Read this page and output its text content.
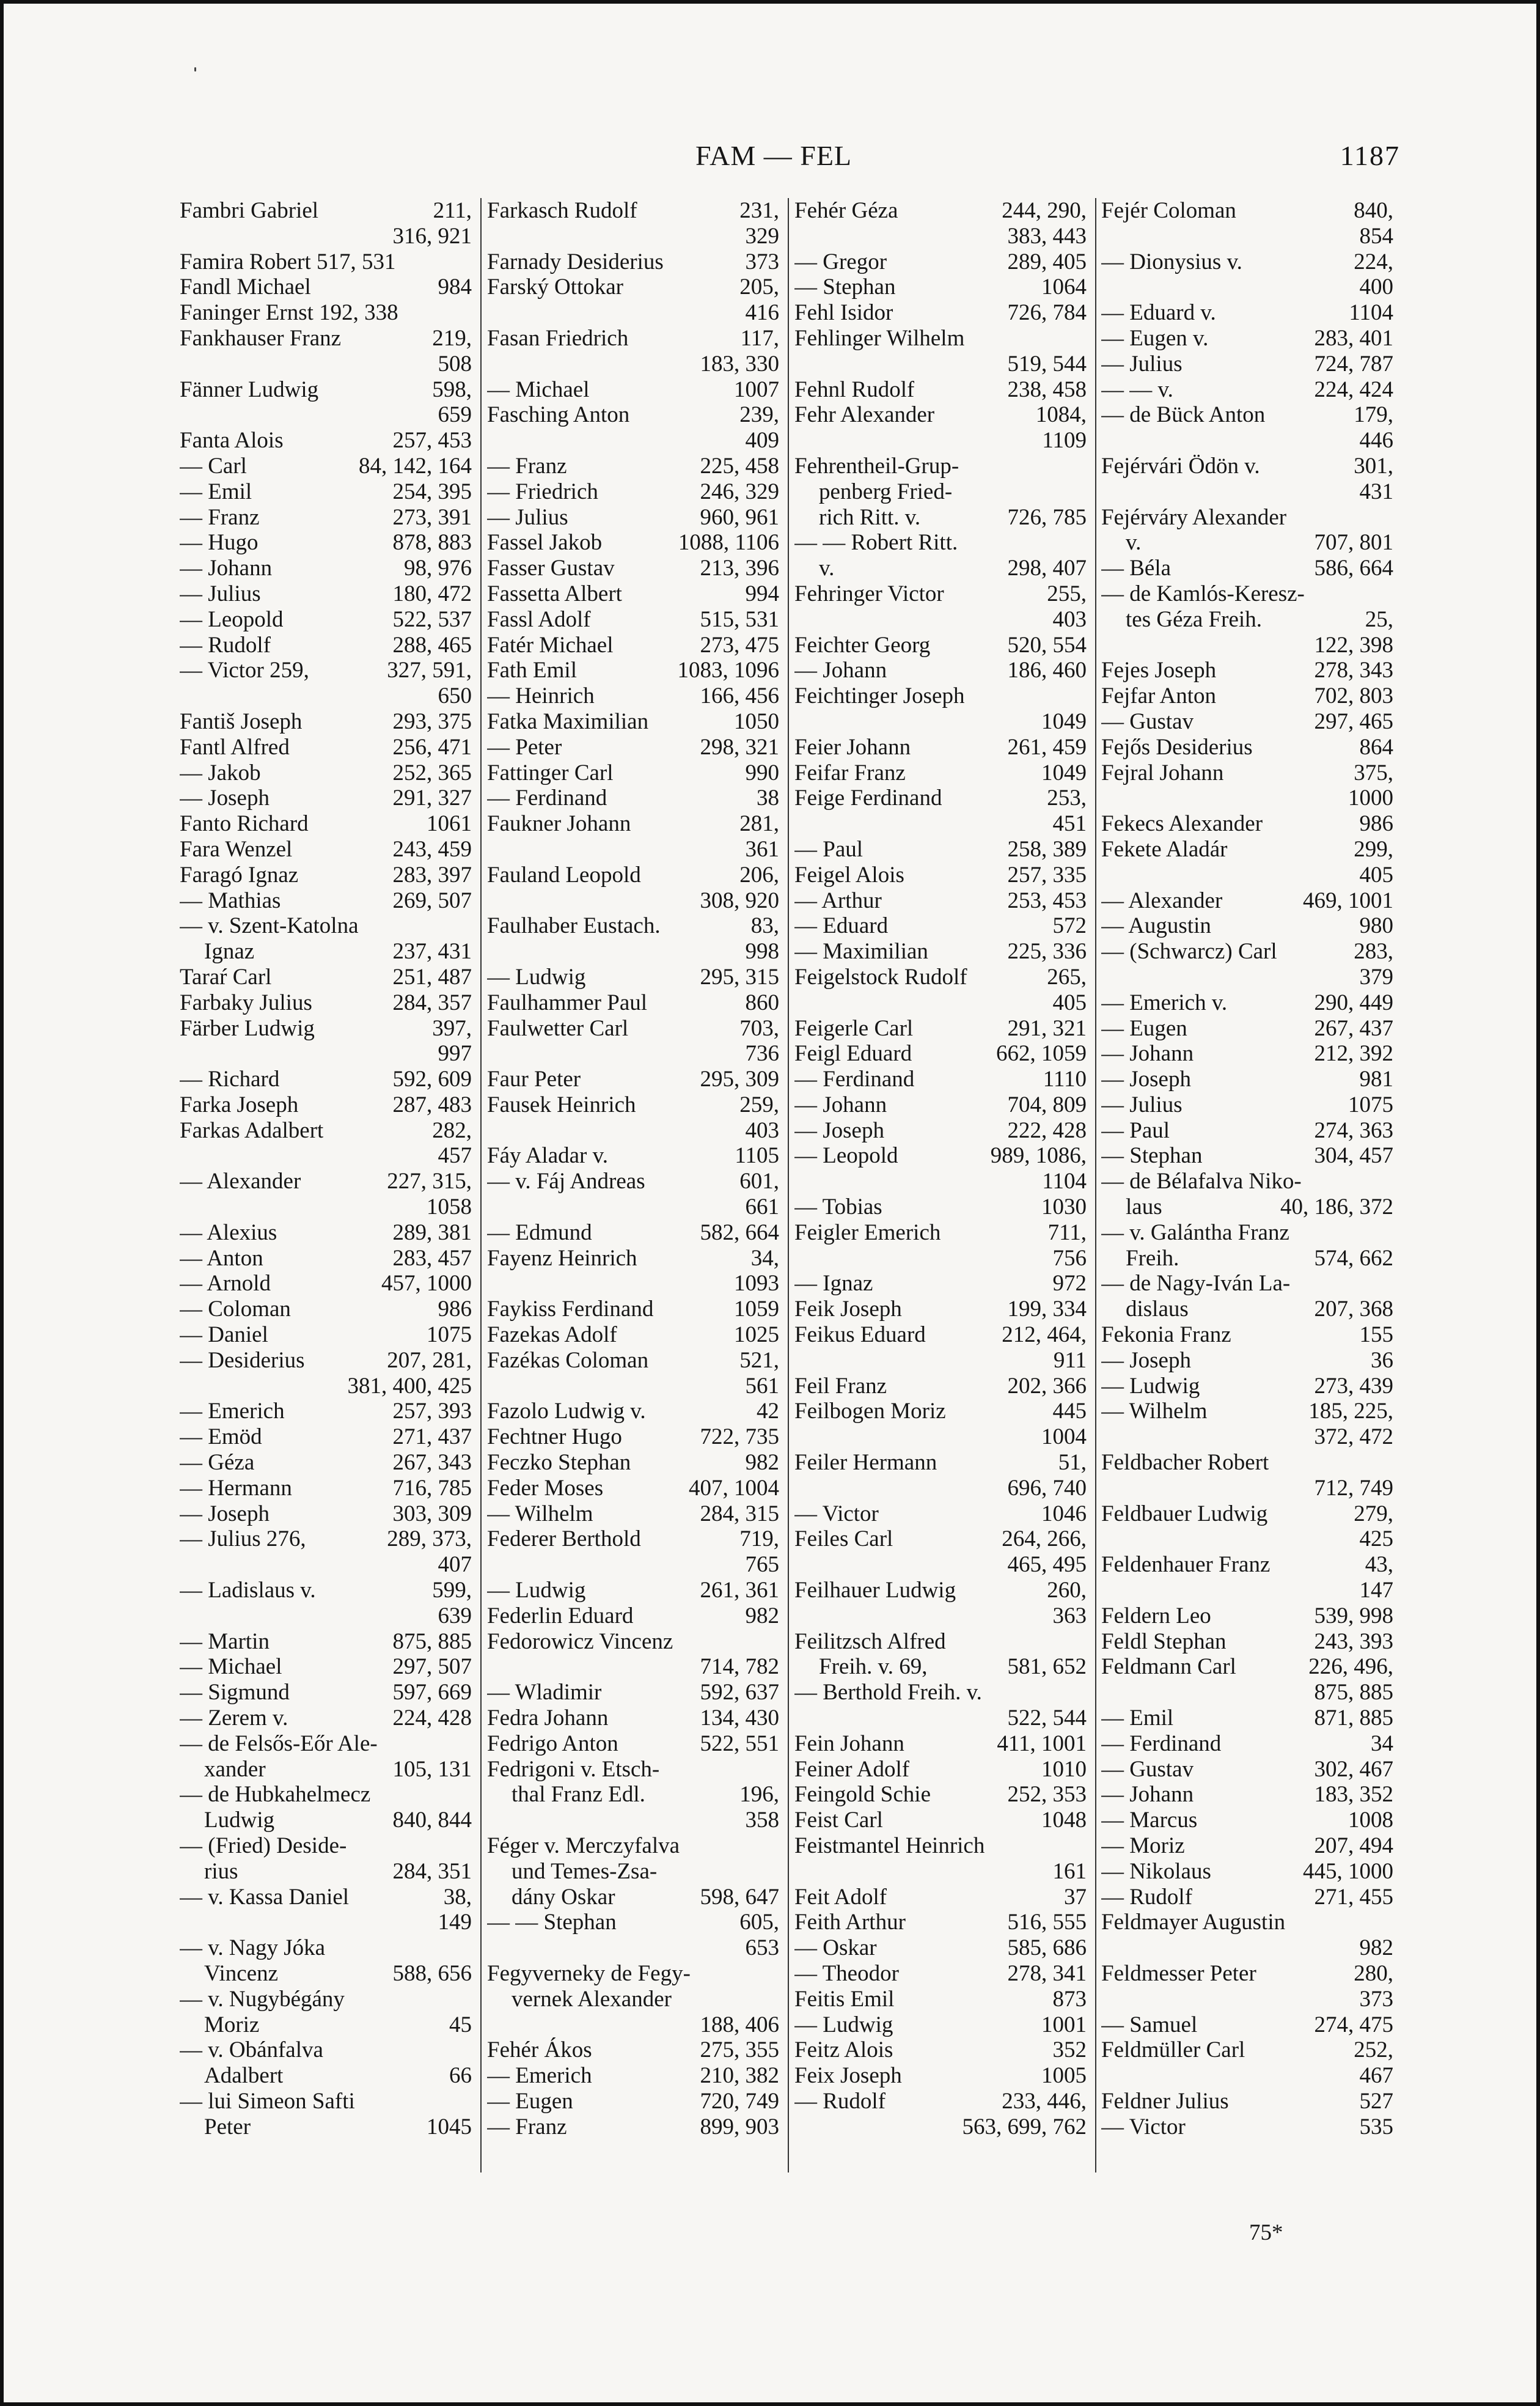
FAM — FEL	1187
Fambri Gabriel	211,
316, 921
Famira Robert 517, 531
Fandl Michael	984
Faninger Ernst 192, 338
Fankhauser Franz	219,
508
Fänner Ludwig	598,
659
Fanta Alois	257, 453
— Carl	84, 142, 164
— Emil	254, 395
— Franz	273, 391
— Hugo	878, 883
— Johann	98, 976
— Julius	180, 472
— Leopold	522, 537
— Rudolf	288, 465
— Victor 259,	327, 591,
650
Fantiš Joseph	293, 375
Fantl Alfred	256, 471
— Jakob	252, 365
— Joseph	291, 327
Fanto Richard	1061
Fara Wenzel	243, 459
Faragó Ignaz	283, 397
— Mathias	269, 507
— v. Szent-Katolna
Ignaz	237, 431
Taraŕ Carl	251, 487
Farbaky Julius	284, 357
Färber Ludwig	397,
997
— Richard	592, 609
Farka Joseph	287, 483
Farkas Adalbert	282,
457
— Alexander	227, 315,
1058
— Alexius	289, 381
— Anton	283, 457
— Arnold	457, 1000
— Coloman	986
— Daniel	1075
— Desiderius	207, 281,
381, 400, 425
— Emerich	257, 393
— Emöd	271, 437
— Géza	267, 343
— Hermann	716, 785
— Joseph	303, 309
— Julius 276,	289, 373,
407
— Ladislaus v.	599,
639
— Martin	875, 885
— Michael	297, 507
— Sigmund	597, 669
— Zerem v.	224, 428
— de Felsős-Eőr Ale-
xander	105, 131
— de Hubkahelmecz
Ludwig	840, 844
— (Fried) Deside-
rius	284, 351
— v. Kassa Daniel	38,
149
— v. Nagy Jóka
Vincenz	588, 656
— v. Nugybégány
Moriz	45
— v. Obánfalva
Adalbert	66
— lui Simeon Safti
Peter	1045
Farkasch Rudolf	231,
329
Farnady Desiderius	373
Farský Ottokar	205,
416
Fasan Friedrich	117,
183, 330
— Michael	1007
Fasching Anton	239,
409
— Franz	225, 458
— Friedrich	246, 329
— Julius	960, 961
Fassel Jakob	1088, 1106
Fasser Gustav	213, 396
Fassetta Albert	994
Fassl Adolf	515, 531
Fatér Michael	273, 475
Fath Emil	1083, 1096
— Heinrich	166, 456
Fatka Maximilian	1050
— Peter	298, 321
Fattinger Carl	990
— Ferdinand	38
Faukner Johann	281,
361
Fauland Leopold	206,
308, 920
Faulhaber Eustach.	83,
998
— Ludwig	295, 315
Faulhammer Paul	860
Faulwetter Carl	703,
736
Faur Peter	295, 309
Fausek Heinrich	259,
403
Fáy Aladar v.	1105
— v. Fáj Andreas	601,
661
— Edmund	582, 664
Fayenz Heinrich	34,
1093
Faykiss Ferdinand	1059
Fazekas Adolf	1025
Fazékas Coloman	521,
561
Fazolo Ludwig v.	42
Fechtner Hugo	722, 735
Feczko Stephan	982
Feder Moses	407, 1004
— Wilhelm	284, 315
Federer Berthold	719,
765
— Ludwig	261, 361
Federlin Eduard	982
Fedorowicz Vincenz
714, 782
— Wladimir	592, 637
Fedra Johann	134, 430
Fedrigo Anton	522, 551
Fedrigoni v. Etsch-
thal Franz Edl.	196,
358
Féger v. Merczyfalva
und Temes-Zsa-
dány Oskar	598, 647
— — Stephan	605,
653
Fegyverneky de Fegy-
vernek Alexander
188, 406
Fehér Ákos	275, 355
— Emerich	210, 382
— Eugen	720, 749
— Franz	899, 903
Fehér Géza	244, 290,
383, 443
— Gregor	289, 405
— Stephan	1064
Fehl Isidor	726, 784
Fehlinger Wilhelm
519, 544
Fehnl Rudolf	238, 458
Fehr Alexander	1084,
1109
Fehrentheil-Grup-
penberg Fried-
rich Ritt. v.	726, 785
— — Robert Ritt.
v.	298, 407
Fehringer Victor	255,
403
Feichter Georg	520, 554
— Johann	186, 460
Feichtinger Joseph
1049
Feier Johann	261, 459
Feifar Franz	1049
Feige Ferdinand	253,
451
— Paul	258, 389
Feigel Alois	257, 335
— Arthur	253, 453
— Eduard	572
— Maximilian	225, 336
Feigelstock Rudolf	265,
405
Feigerle Carl	291, 321
Feigl Eduard	662, 1059
— Ferdinand	1110
— Johann	704, 809
— Joseph	222, 428
— Leopold	989, 1086,
1104
— Tobias	1030
Feigler Emerich	711,
756
— Ignaz	972
Feik Joseph	199, 334
Feikus Eduard	212, 464,
911
Feil Franz	202, 366
Feilbogen Moriz	445
1004
Feiler Hermann	51,
696, 740
— Victor	1046
Feiles Carl	264, 266,
465, 495
Feilhauer Ludwig	260,
363
Feilitzsch Alfred
Freih. v. 69,	581, 652
— Berthold Freih. v.
522, 544
Fein Johann	411, 1001
Feiner Adolf	1010
Feingold Schie	252, 353
Feist Carl	1048
Feistmantel Heinrich
161
Feit Adolf	37
Feith Arthur	516, 555
— Oskar	585, 686
— Theodor	278, 341
Feitis Emil	873
— Ludwig	1001
Feitz Alois	352
Feix Joseph	1005
— Rudolf	233, 446,
563, 699, 762
Fejér Coloman	840,
854
— Dionysius v.	224,
400
— Eduard v.	1104
— Eugen v.	283, 401
— Julius	724, 787
— — v.	224, 424
— de Bück Anton	179,
446
Fejérvári Ödön v.	301,
431
Fejérváry Alexander
v.	707, 801
— Béla	586, 664
— de Kamlós-Keresz-
tes Géza Freih.	25,
122, 398
Fejes Joseph	278, 343
Fejfar Anton	702, 803
— Gustav	297, 465
Fejős Desiderius	864
Fejral Johann	375,
1000
Fekecs Alexander	986
Fekete Aladár	299,
405
— Alexander	469, 1001
— Augustin	980
— (Schwarcz) Carl	283,
379
— Emerich v.	290, 449
— Eugen	267, 437
— Johann	212, 392
— Joseph	981
— Julius	1075
— Paul	274, 363
— Stephan	304, 457
— de Bélafalva Niko-
laus	40, 186, 372
— v. Galántha Franz
Freih.	574, 662
— de Nagy-Iván La-
dislaus	207, 368
Fekonia Franz	155
— Joseph	36
— Ludwig	273, 439
— Wilhelm	185, 225,
372, 472
Feldbacher Robert
712, 749
Feldbauer Ludwig	279,
425
Feldenhauer Franz	43,
147
Feldern Leo	539, 998
Feldl Stephan	243, 393
Feldmann Carl	226, 496,
875, 885
— Emil	871, 885
— Ferdinand	34
— Gustav	302, 467
— Johann	183, 352
— Marcus	1008
— Moriz	207, 494
— Nikolaus	445, 1000
— Rudolf	271, 455
Feldmayer Augustin
982
Feldmesser Peter	280,
373
— Samuel	274, 475
Feldmüller Carl	252,
467
Feldner Julius	527
— Victor	535
75*
